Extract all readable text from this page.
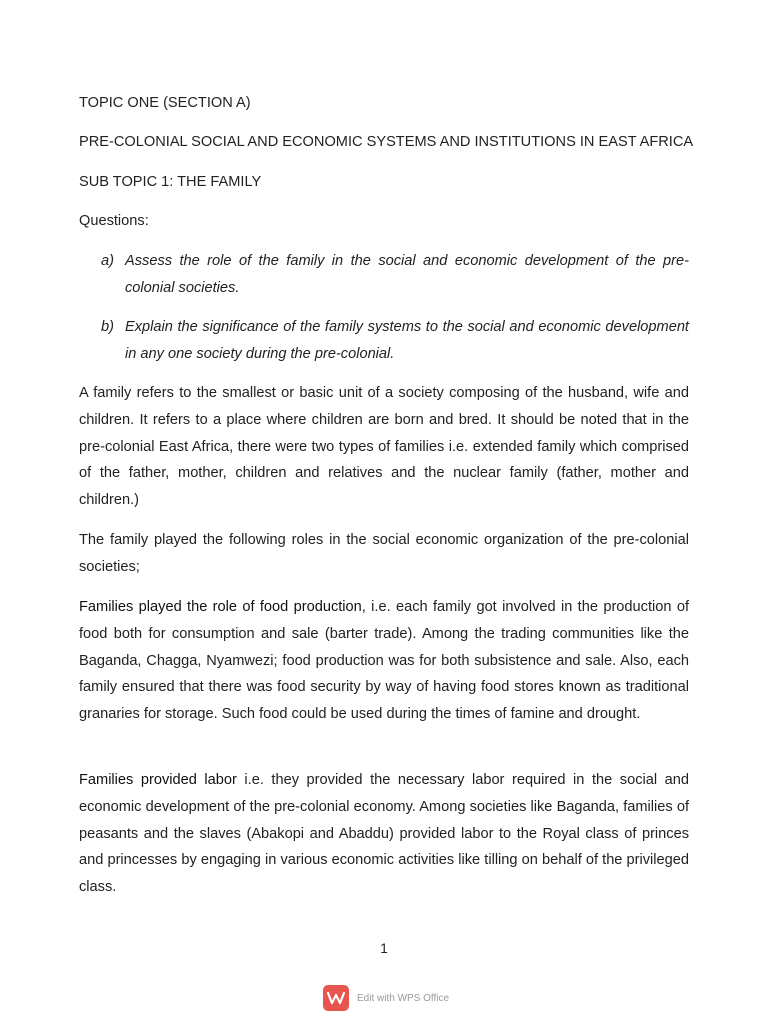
TOPIC ONE (SECTION A)
PRE-COLONIAL SOCIAL AND ECONOMIC SYSTEMS AND INSTITUTIONS IN EAST AFRICA
SUB TOPIC 1: THE FAMILY
Questions:
a) Assess the role of the family in the social and economic development of the pre-colonial societies.
b) Explain the significance of the family systems to the social and economic development in any one society during the pre-colonial.
A family refers to the smallest or basic unit of a society composing of the husband, wife and children. It refers to a place where children are born and bred. It should be noted that in the pre-colonial East Africa, there were two types of families i.e. extended family which comprised of the father, mother, children and relatives and the nuclear family (father, mother and children.)
The family played the following roles in the social economic organization of the pre-colonial societies;
Families played the role of food production, i.e. each family got involved in the production of food both for consumption and sale (barter trade). Among the trading communities like the Baganda, Chagga, Nyamwezi; food production was for both subsistence and sale. Also, each family ensured that there was food security by way of having food stores known as traditional granaries for storage. Such food could be used during the times of famine and drought.
Families provided labor i.e. they provided the necessary labor required in the social and economic development of the pre-colonial economy. Among societies like Baganda, families of peasants and the slaves (Abakopi and Abaddu) provided labor to the Royal class of princes and princesses by engaging in various economic activities like tilling on behalf of the privileged class.
1
Edit with WPS Office
